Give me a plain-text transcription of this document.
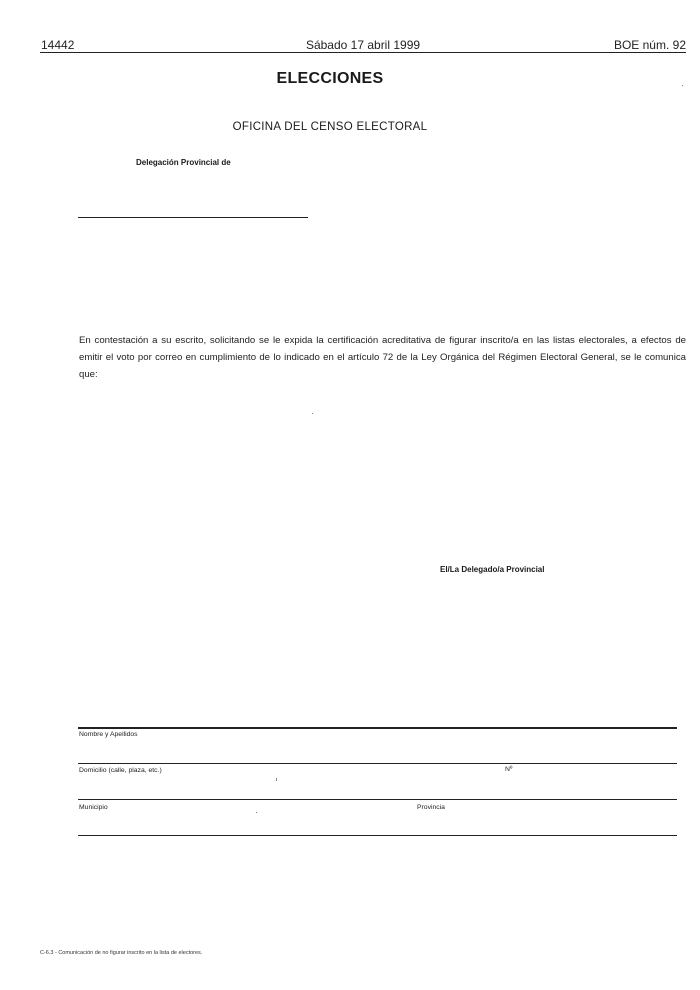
14442	Sábado 17 abril 1999	BOE núm. 92
ELECCIONES
OFICINA DEL CENSO ELECTORAL
Delegación Provincial de
En contestación a su escrito, solicitando se le expida la certificación acreditativa de figurar inscrito/a en las listas electorales, a efectos de emitir el voto por correo en cumplimiento de lo indicado en el artículo 72 de la Ley Orgánica del Régimen Electoral General, se le comunica que:
El/La Delegado/a Provincial
Nombre y Apellidos
Domicilio (calle, plaza, etc.)	Nº
Municipio	Provincia
C-6.3 - Comunicación de no figurar inscrito en la lista de electores.
